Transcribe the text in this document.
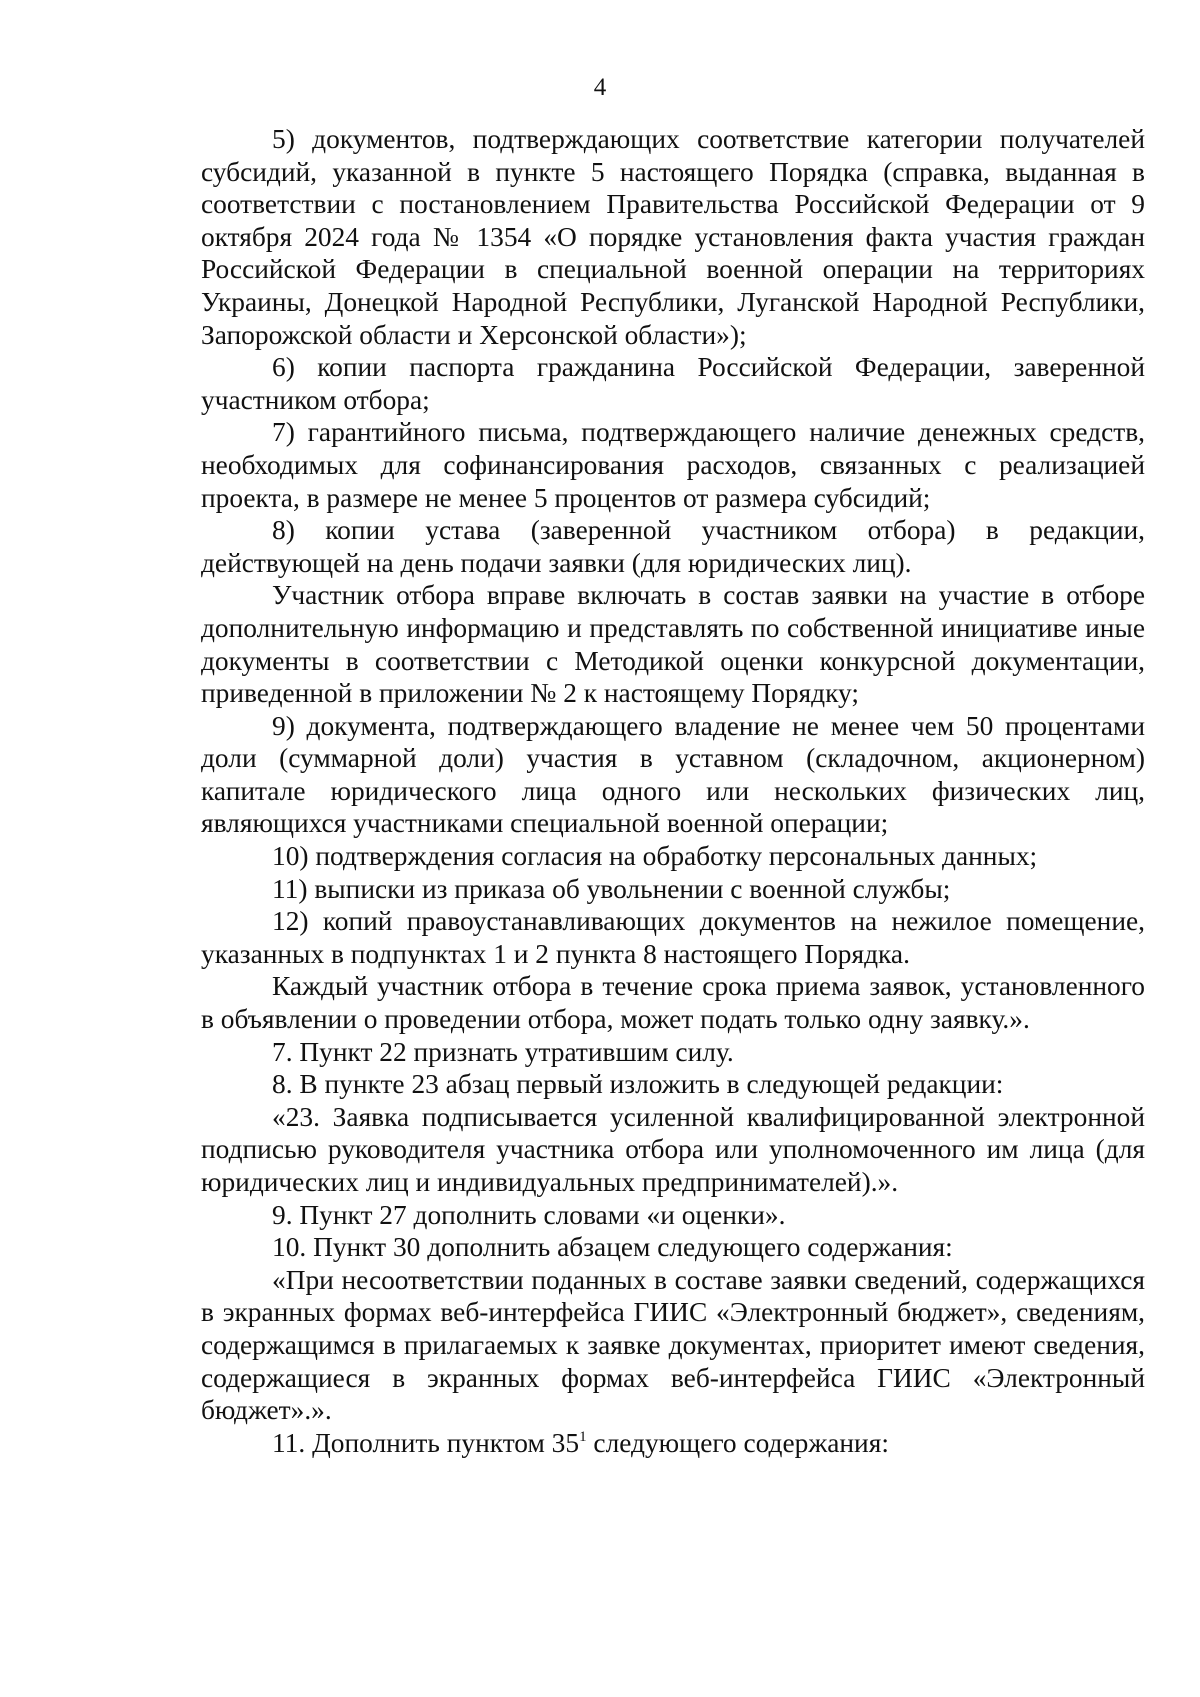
4

5) документов, подтверждающих соответствие категории получателей субсидий, указанной в пункте 5 настоящего Порядка (справка, выданная в соответствии с постановлением Правительства Российской Федерации от 9 октября 2024 года № 1354 «О порядке установления факта участия граждан Российской Федерации в специальной военной операции на территориях Украины, Донецкой Народной Республики, Луганской Народной Республики, Запорожской области и Херсонской области»);

6) копии паспорта гражданина Российской Федерации, заверенной участником отбора;

7) гарантийного письма, подтверждающего наличие денежных средств, необходимых для софинансирования расходов, связанных с реализацией проекта, в размере не менее 5 процентов от размера субсидий;

8) копии устава (заверенной участником отбора) в редакции, действующей на день подачи заявки (для юридических лиц).

Участник отбора вправе включать в состав заявки на участие в отборе дополнительную информацию и представлять по собственной инициативе иные документы в соответствии с Методикой оценки конкурсной документации, приведенной в приложении № 2 к настоящему Порядку;

9) документа, подтверждающего владение не менее чем 50 процентами доли (суммарной доли) участия в уставном (складочном, акционерном) капитале юридического лица одного или нескольких физических лиц, являющихся участниками специальной военной операции;

10) подтверждения согласия на обработку персональных данных;

11) выписки из приказа об увольнении с военной службы;

12) копий правоустанавливающих документов на нежилое помещение, указанных в подпунктах 1 и 2 пункта 8 настоящего Порядка.

Каждый участник отбора в течение срока приема заявок, установленного в объявлении о проведении отбора, может подать только одну заявку.».

7. Пункт 22 признать утратившим силу.

8. В пункте 23 абзац первый изложить в следующей редакции:

«23. Заявка подписывается усиленной квалифицированной электронной подписью руководителя участника отбора или уполномоченного им лица (для юридических лиц и индивидуальных предпринимателей).».

9. Пункт 27 дополнить словами «и оценки».

10. Пункт 30 дополнить абзацем следующего содержания:

«При несоответствии поданных в составе заявки сведений, содержащихся в экранных формах веб-интерфейса ГИИС «Электронный бюджет», сведениям, содержащимся в прилагаемых к заявке документах, приоритет имеют сведения, содержащиеся в экранных формах веб-интерфейса ГИИС «Электронный бюджет».».

11. Дополнить пунктом $35^1$ следующего содержания:
